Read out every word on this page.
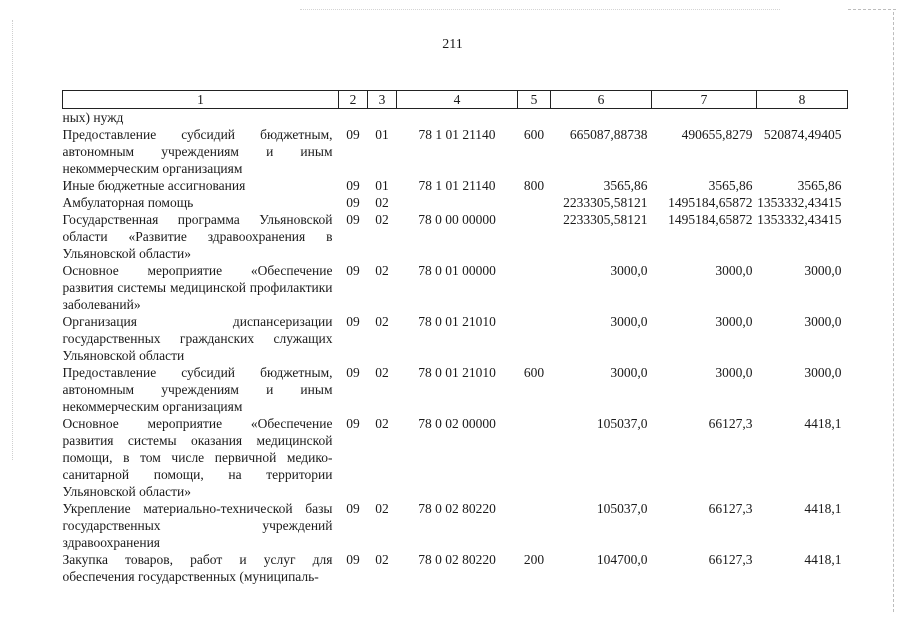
211
1	2	3	4	5	6	7	8
ных) нужд							
Предоставление субсидий бюджетным, автономным учреждениям и иным некоммерческим организациям	09	01	78 1 01 21140	600	665087,88738	490655,8279	520874,49405
Иные бюджетные ассигнования	09	01	78 1 01 21140	800	3565,86	3565,86	3565,86
Амбулаторная помощь	09	02			2233305,58121	1495184,65872	1353332,43415
Государственная программа Ульяновской области «Развитие здравоохранения в Ульяновской области»	09	02	78 0 00 00000		2233305,58121	1495184,65872	1353332,43415
Основное мероприятие «Обеспечение развития системы медицинской профилактики заболеваний»	09	02	78 0 01 00000		3000,0	3000,0	3000,0
Организация диспансеризации государственных гражданских служащих Ульяновской области	09	02	78 0 01 21010		3000,0	3000,0	3000,0
Предоставление субсидий бюджетным, автономным учреждениям и иным некоммерческим организациям	09	02	78 0 01 21010	600	3000,0	3000,0	3000,0
Основное мероприятие «Обеспечение развития системы оказания медицинской помощи, в том числе первичной медико-санитарной помощи, на территории Ульяновской области»	09	02	78 0 02 00000		105037,0	66127,3	4418,1
Укрепление материально-технической базы государственных учреждений здравоохранения	09	02	78 0 02 80220		105037,0	66127,3	4418,1
Закупка товаров, работ и услуг для обеспечения государственных (муниципаль-	09	02	78 0 02 80220	200	104700,0	66127,3	4418,1
